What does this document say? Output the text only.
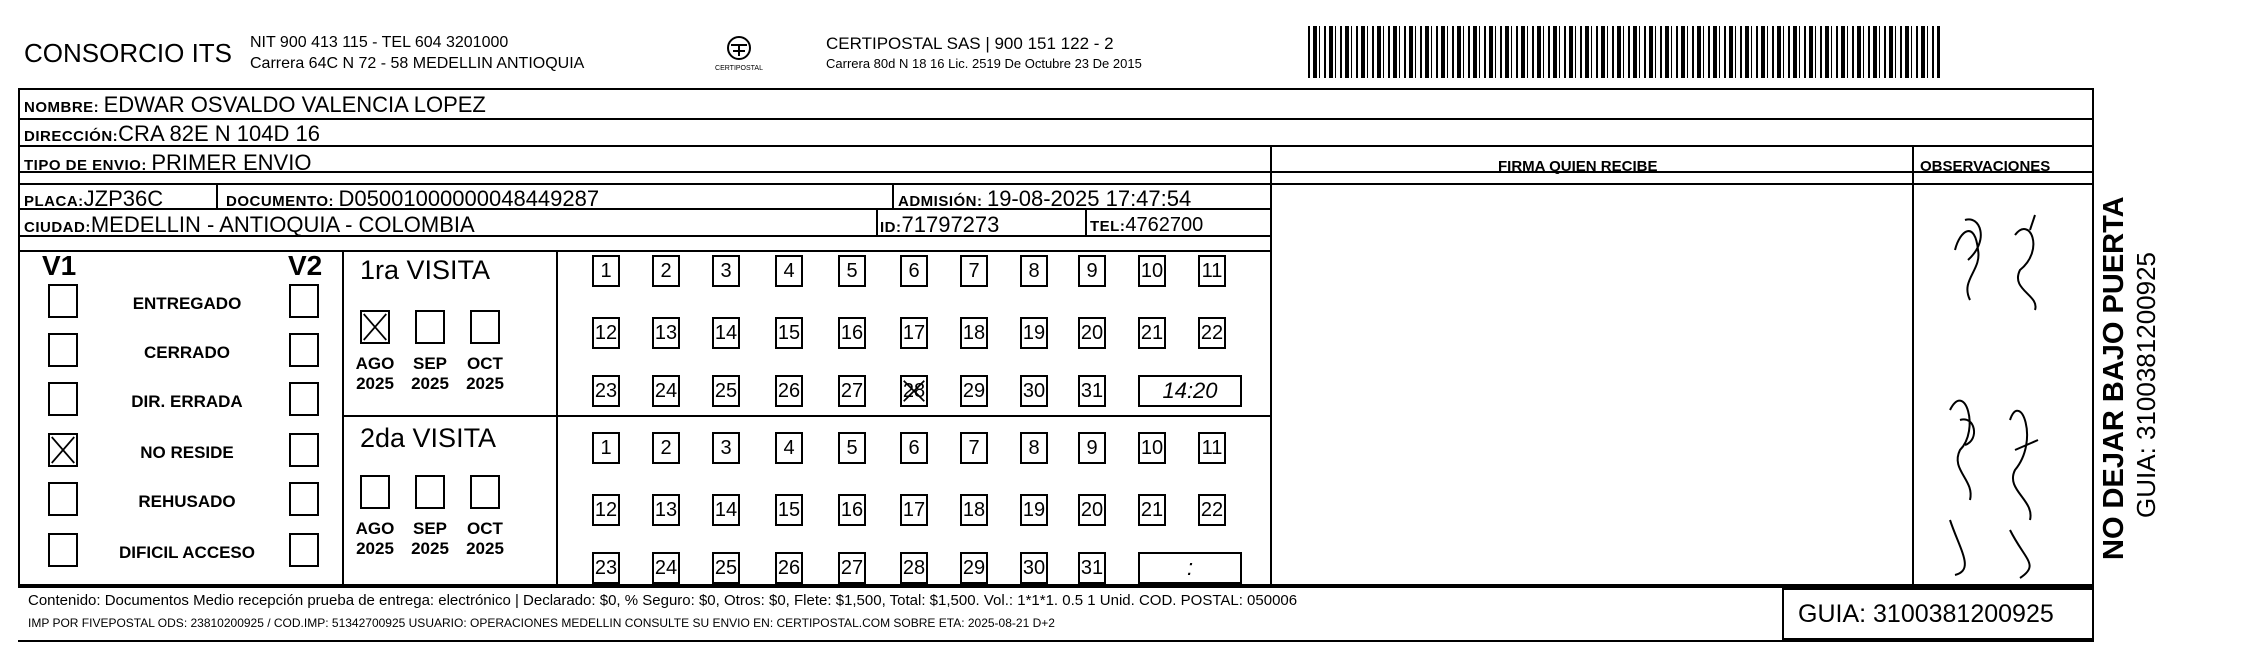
CONSORCIO ITS NIT 900 413 115 - TEL 604 3201000
Carrera 64C N 72 - 58 MEDELLIN ANTIOQUIA	CERTIPOSTAL
CERTIPOSTAL SAS | 900 151 122 - 2
Carrera 80d N 18 16 Lic. 2519 De Octubre 23 De 2015
NOMBRE: EDWAR OSVALDO VALENCIA LOPEZ
DIRECCIÓN:CRA 82E N 104D 16
TIPO DE ENVIO: PRIMER ENVIO	FIRMA QUIEN RECIBE	OBSERVACIONES
PLACA:JZP36C	DOCUMENTO: D05001000000048449287	ADMISIÓN: 19-08-2025 17:47:54
CIUDAD:MEDELLIN - ANTIOQUIA - COLOMBIA	ID:71797273	TEL:4762700
V1	V2 1ra VISITA
2da VISITA
Contenido: Documentos Medio recepción prueba de entrega: electrónico | Declarado: $0, % Seguro: $0, Otros: $0, Flete: $1,500, Total: $1,500. Vol.: 1*1*1. 0.5 1 Unid. COD. POSTAL: 050006
IMP POR FIVEPOSTAL ODS: 23810200925 / COD.IMP: 51342700925 USUARIO: OPERACIONES MEDELLIN CONSULTE SU ENVIO EN: CERTIPOSTAL.COM SOBRE ETA: 2025-08-21 D+2	GUIA: 3100381200925
NO DEJAR BAJO PUERTA GUIA: 3100381200925
ENTREGADO
CERRADO
DIR. ERRADA
NO RESIDE
REHUSADO
DIFICIL ACCESO
AGO
2025
SEP
2025
OCT
2025
AGO
2025
SEP
2025
OCT
2025
1	2	3	4	5	6	7	8	9	10 11
12 13 14 15 16 17 18 19 20 21 22
23 24 25 26 27 28 29 30 31	14:20
1	2	3	4	5	6	7	8	9	10 11
12 13 14 15 16 17 18 19 20 21 22
23 24 25 26 27 28 29 30 31	:
